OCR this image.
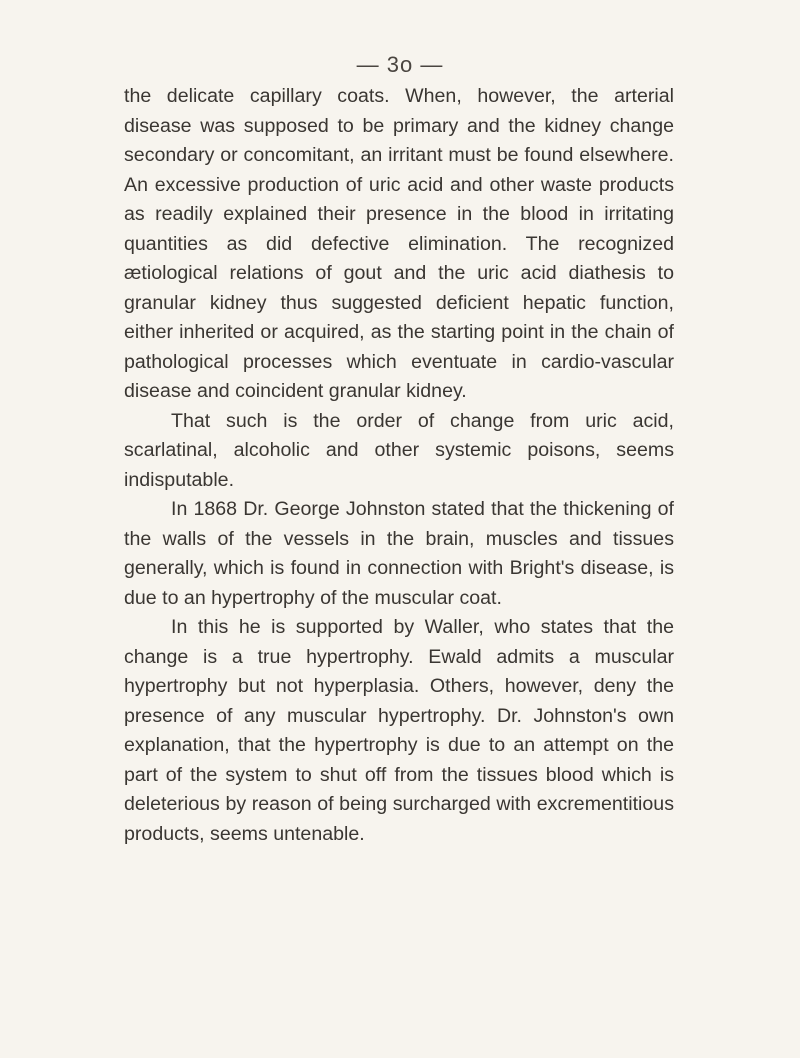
— 3o —

the delicate capillary coats. When, however, the arterial disease was supposed to be primary and the kidney change secondary or concomitant, an irritant must be found elsewhere. An excessive production of uric acid and other waste products as readily explained their presence in the blood in irritating quantities as did defective elimination. The recognized ætiological relations of gout and the uric acid diathesis to granular kidney thus suggested deficient hepatic function, either inherited or acquired, as the starting point in the chain of pathological processes which eventuate in cardio-vascular disease and coincident granular kidney.

That such is the order of change from uric acid, scarlatinal, alcoholic and other systemic poisons, seems indisputable.

In 1868 Dr. George Johnston stated that the thickening of the walls of the vessels in the brain, muscles and tissues generally, which is found in connection with Bright's disease, is due to an hypertrophy of the muscular coat.

In this he is supported by Waller, who states that the change is a true hypertrophy. Ewald admits a muscular hypertrophy but not hyperplasia. Others, however, deny the presence of any muscular hypertrophy. Dr. Johnston's own explanation, that the hypertrophy is due to an attempt on the part of the system to shut off from the tissues blood which is deleterious by reason of being surcharged with excrementitious products, seems untenable.
